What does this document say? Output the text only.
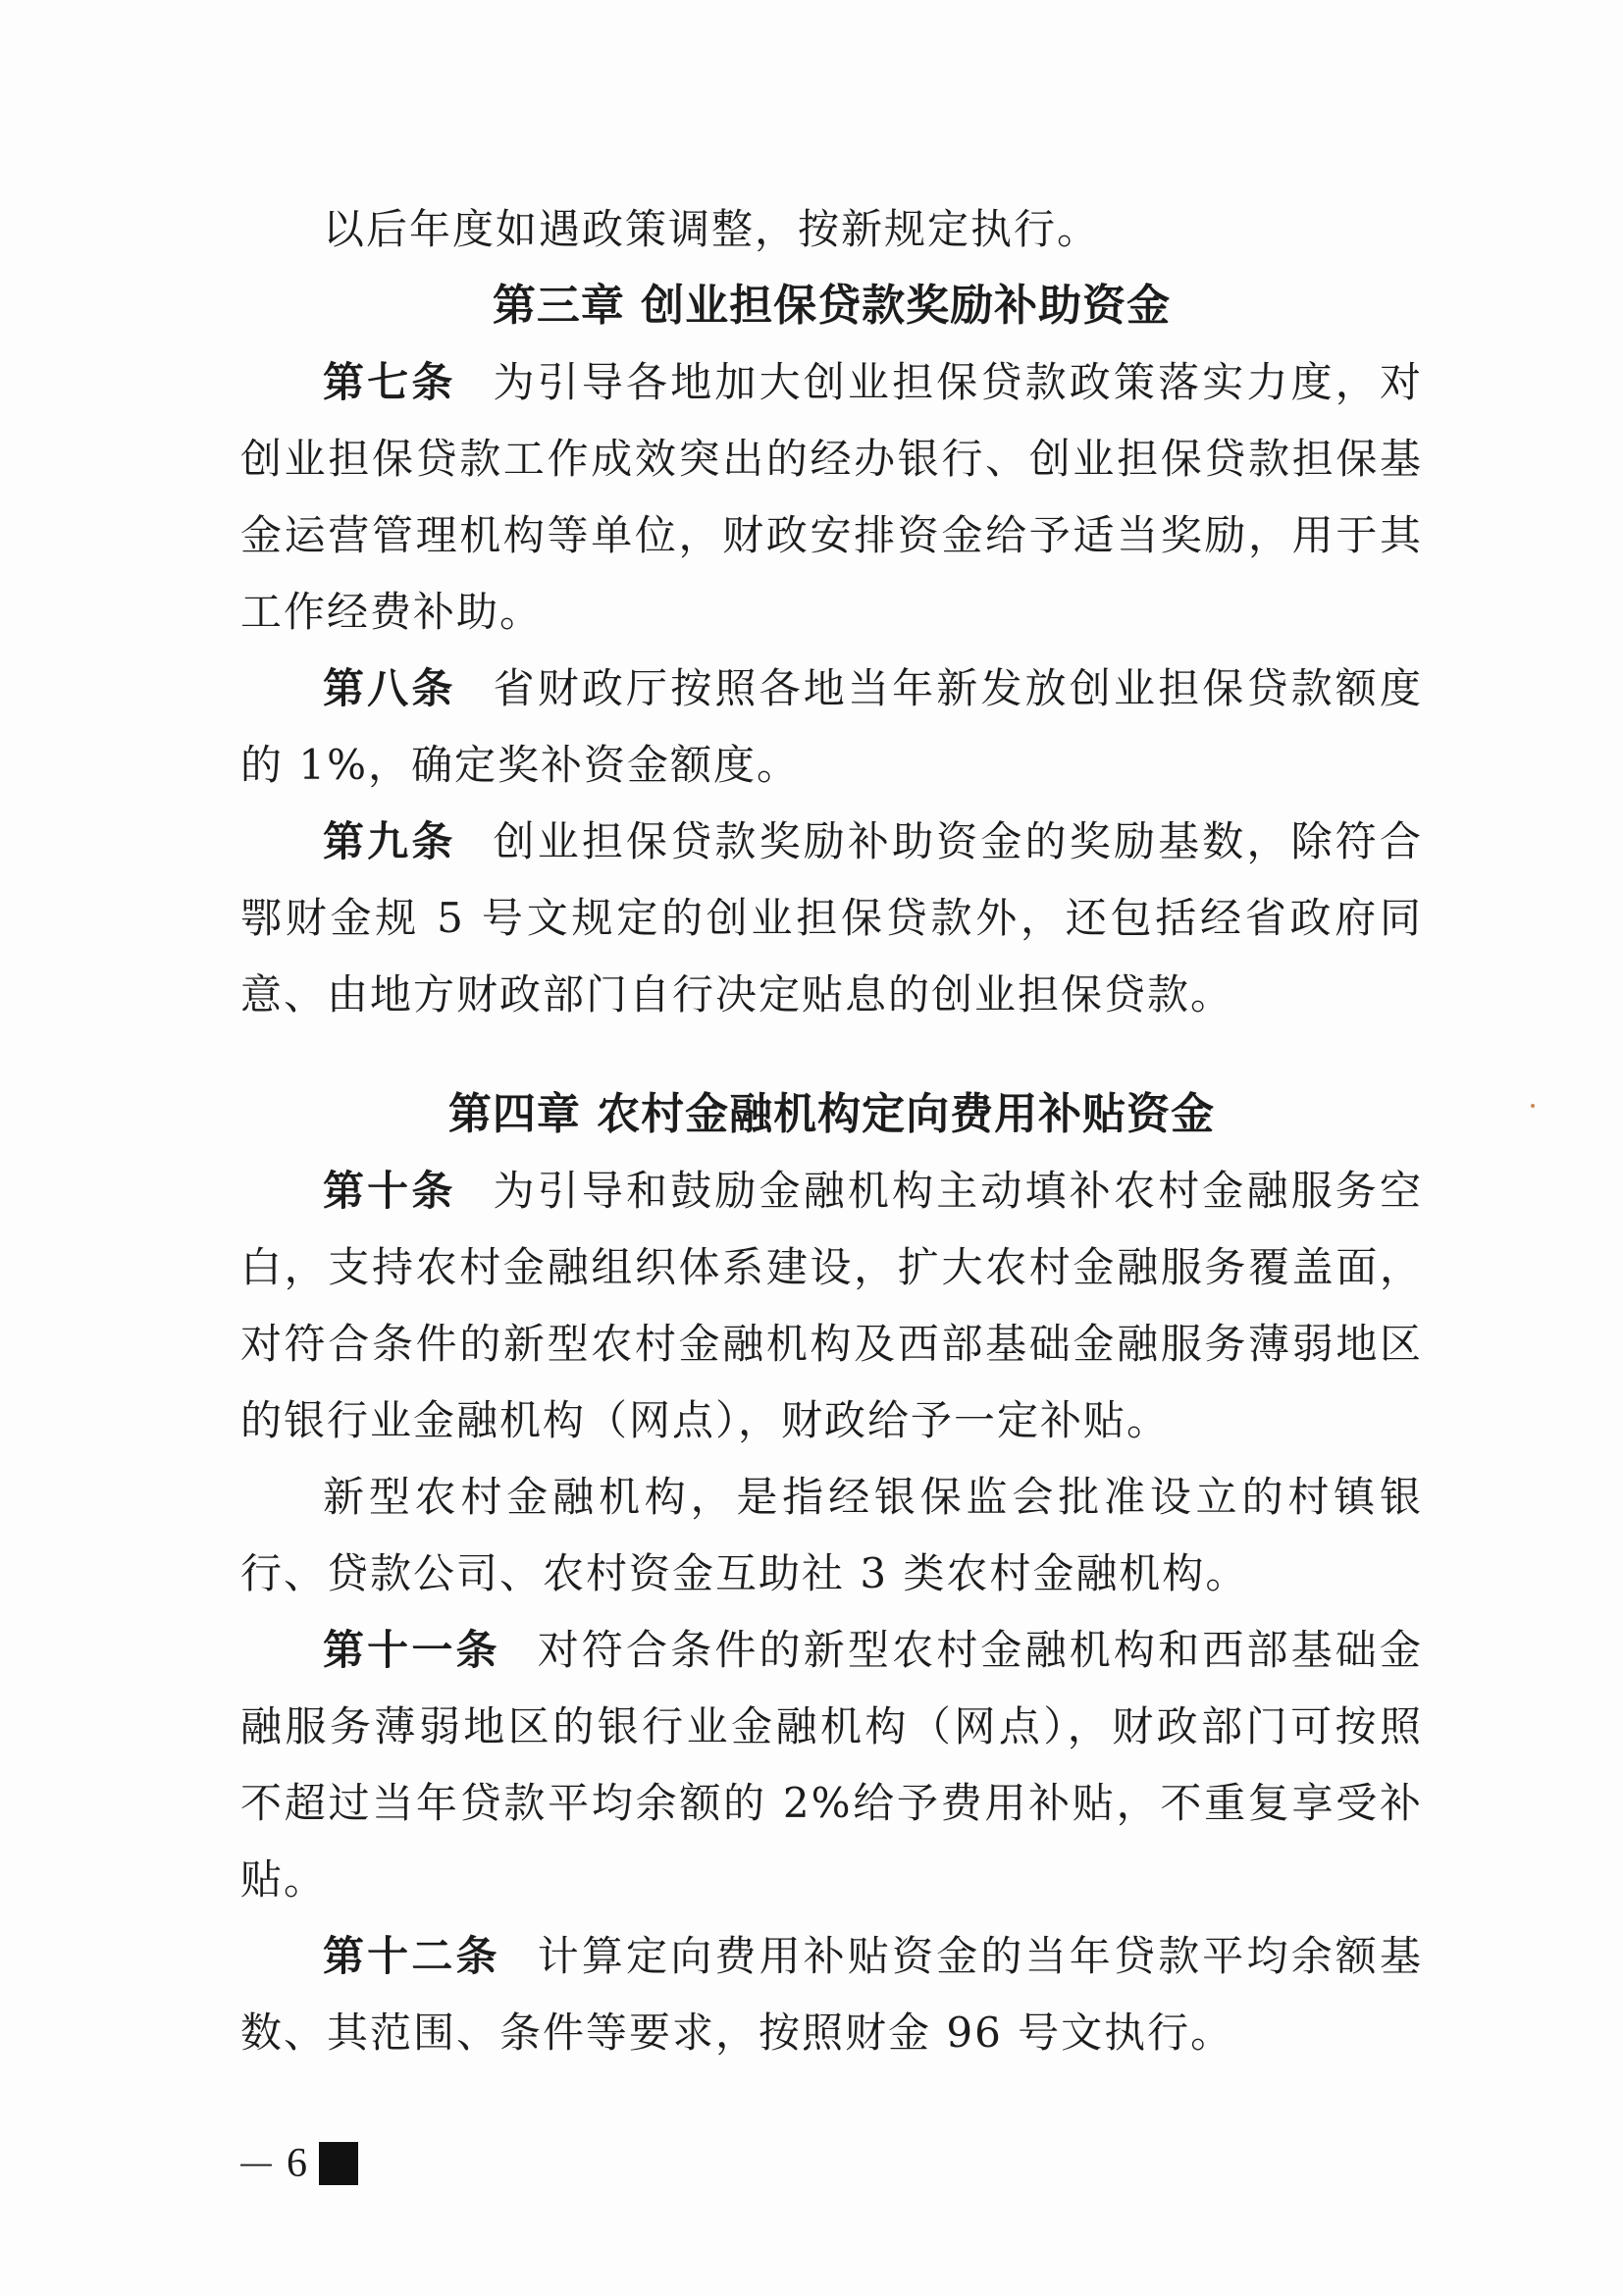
以后年度如遇政策调整，按新规定执行。

第三章 创业担保贷款奖励补助资金

第七条 为引导各地加大创业担保贷款政策落实力度，对创业担保贷款工作成效突出的经办银行、创业担保贷款担保基金运营管理机构等单位，财政安排资金给予适当奖励，用于其工作经费补助。

第八条 省财政厅按照各地当年新发放创业担保贷款额度的 1%，确定奖补资金额度。

第九条 创业担保贷款奖励补助资金的奖励基数，除符合鄂财金规 5 号文规定的创业担保贷款外，还包括经省政府同意、由地方财政部门自行决定贴息的创业担保贷款。

第四章 农村金融机构定向费用补贴资金

第十条 为引导和鼓励金融机构主动填补农村金融服务空白，支持农村金融组织体系建设，扩大农村金融服务覆盖面，对符合条件的新型农村金融机构及西部基础金融服务薄弱地区的银行业金融机构（网点），财政给予一定补贴。

新型农村金融机构，是指经银保监会批准设立的村镇银行、贷款公司、农村资金互助社 3 类农村金融机构。

第十一条 对符合条件的新型农村金融机构和西部基础金融服务薄弱地区的银行业金融机构（网点），财政部门可按照不超过当年贷款平均余额的 2%给予费用补贴，不重复享受补贴。

第十二条 计算定向费用补贴资金的当年贷款平均余额基数、其范围、条件等要求，按照财金 96 号文执行。

－ 6
